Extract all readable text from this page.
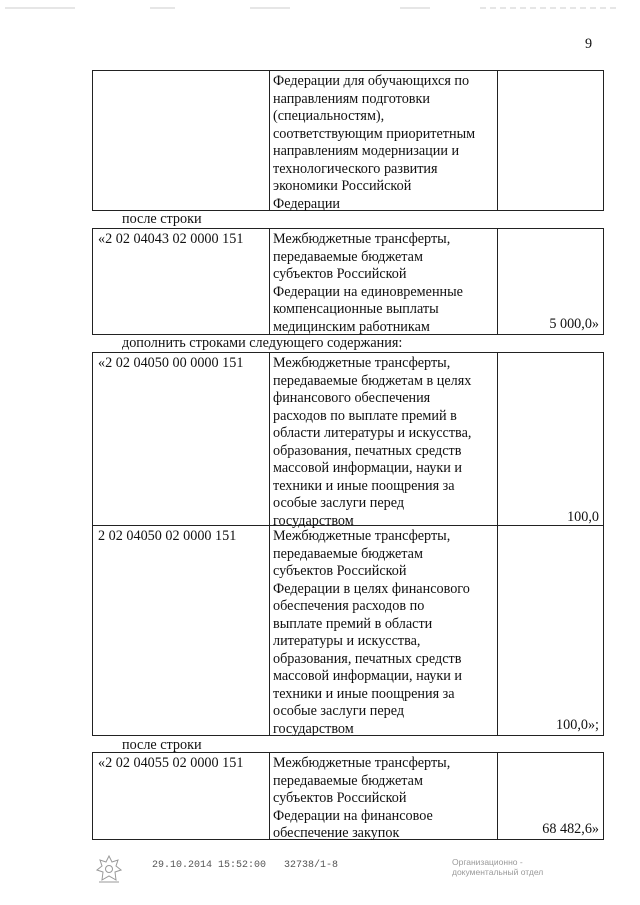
9
Федерации для обучающихся по
направлениям подготовки
(специальностям),
соответствующим приоритетным
направлениям модернизации и
технологического развития
экономики Российской
Федерации
после строки
«2 02 04043 02 0000 151 Межбюджетные трансферты,
передаваемые бюджетам
субъектов Российской
Федерации на единовременные
компенсационные выплаты
медицинским работникам	5 000,0»
дополнить строками следующего содержания:
«2 02 04050 00 0000 151 Межбюджетные трансферты,
передаваемые бюджетам в целях
финансового обеспечения
расходов по выплате премий в
области литературы и искусства,
образования, печатных средств
массовой информации, науки и
техники и иные поощрения за
особые заслуги перед
государством	100,0
2 02 04050 02 0000 151	Межбюджетные трансферты,
передаваемые бюджетам
субъектов Российской
Федерации в целях финансового
обеспечения расходов по
выплате премий в области
литературы и искусства,
образования, печатных средств
массовой информации, науки и
техники и иные поощрения за
особые заслуги перед
государством	100,0»;
после строки
«2 02 04055 02 0000 151 Межбюджетные трансферты,
передаваемые бюджетам
субъектов Российской
Федерации на финансовое
обеспечение закупок	68 482,6»
29.10.2014 15:52:00 32738/1-8	Организационно -
документальный отдел
